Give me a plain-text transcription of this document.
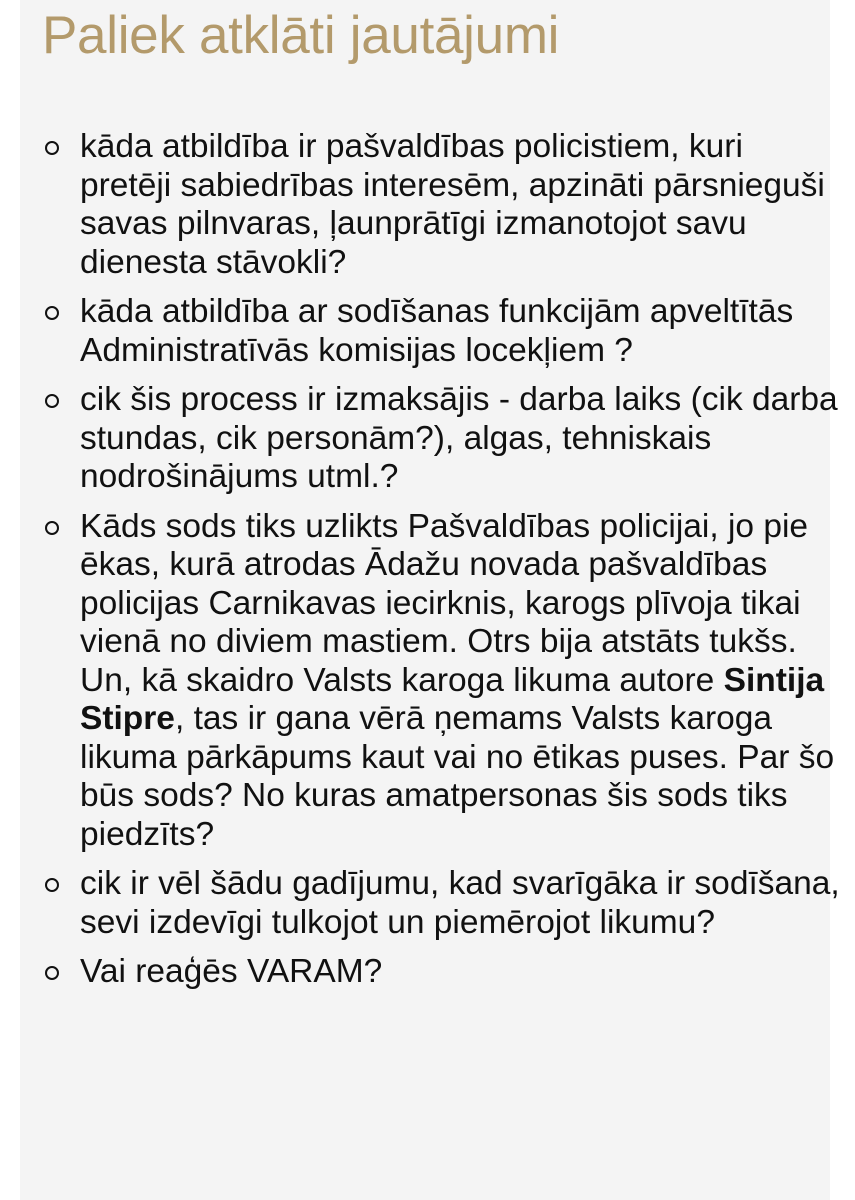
Paliek atklāti jautājumi
kāda atbildība ir pašvaldības policistiem, kuri pretēji sabiedrības interesēm, apzināti pārsnieguši savas pilnvaras, ļaunprātīgi izmanotojot savu dienesta stāvokli?
kāda atbildība ar sodīšanas funkcijām apveltītās Administratīvās komisijas locekļiem ?
cik šis process ir izmaksājis - darba laiks (cik darba stundas, cik personām?), algas, tehniskais nodrošinājums utml.?
Kāds sods tiks uzlikts Pašvaldības policijai, jo pie ēkas, kurā atrodas Ādažu novada pašvaldības policijas Carnikavas iecirknis, karogs plīvoja tikai vienā no diviem mastiem. Otrs bija atstāts tukšs. Un, kā skaidro Valsts karoga likuma autore Sintija Stipre, tas ir gana vērā ņemams Valsts karoga likuma pārkāpums kaut vai no ētikas puses. Par šo būs sods? No kuras amatpersonas šis sods tiks piedzīts?
cik ir vēl šādu gadījumu, kad svarīgāka ir sodīšana, sevi izdevīgi tulkojot un piemērojot likumu?
Vai reaģēs VARAM?
